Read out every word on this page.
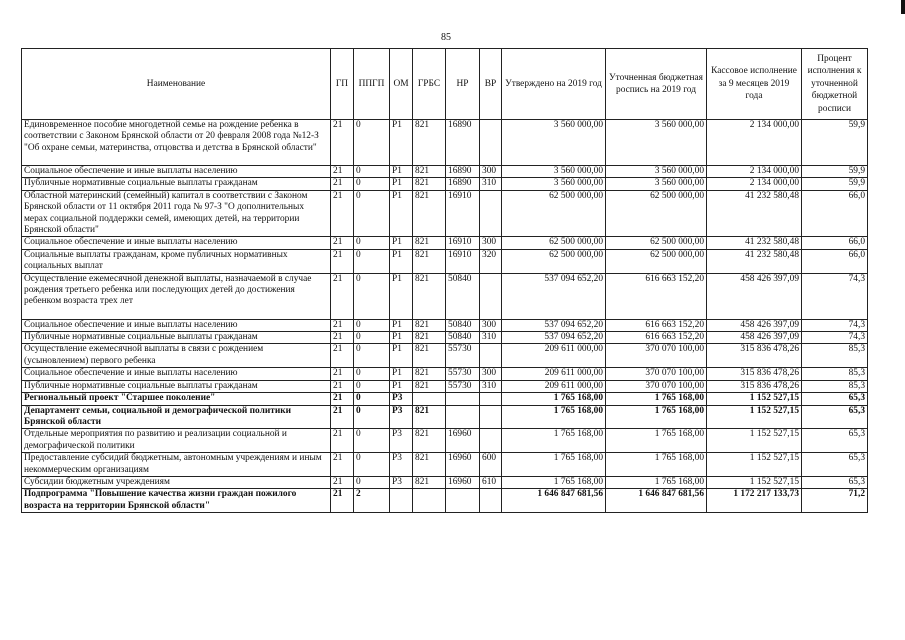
85
Наименование	ГП	ППГП	ОМ	ГРБС	НР	ВР	Утверждено на 2019 год	Уточненная бюджетная роспись на 2019 год	Кассовое исполнение за 9 месяцев 2019 года	Процент исполнения к уточненной бюджетной росписи
Единовременное пособие многодетной семье на рождение ребенка в соответствии с Законом Брянской области от 20 февраля 2008 года №12-З "Об охране семьи, материнства, отцовства и детства в Брянской области"	21	0	Р1	821	16890		3 560 000,00	3 560 000,00	2 134 000,00	59,9
Социальное обеспечение и иные выплаты населению	21	0	Р1	821	16890	300	3 560 000,00	3 560 000,00	2 134 000,00	59,9
Публичные нормативные социальные выплаты гражданам	21	0	Р1	821	16890	310	3 560 000,00	3 560 000,00	2 134 000,00	59,9
Областной материнский (семейный) капитал в соответствии с Законом Брянской области от 11 октября 2011 года № 97-З "О дополнительных мерах социальной поддержки семей, имеющих детей, на территории Брянской области"	21	0	Р1	821	16910		62 500 000,00	62 500 000,00	41 232 580,48	66,0
Социальное обеспечение и иные выплаты населению	21	0	Р1	821	16910	300	62 500 000,00	62 500 000,00	41 232 580,48	66,0
Социальные выплаты гражданам, кроме публичных нормативных социальных выплат	21	0	Р1	821	16910	320	62 500 000,00	62 500 000,00	41 232 580,48	66,0
Осуществление ежемесячной денежной выплаты, назначаемой в случае рождения третьего ребенка или последующих детей до достижения ребенком возраста трех лет	21	0	Р1	821	50840		537 094 652,20	616 663 152,20	458 426 397,09	74,3
Социальное обеспечение и иные выплаты населению	21	0	Р1	821	50840	300	537 094 652,20	616 663 152,20	458 426 397,09	74,3
Публичные нормативные социальные выплаты гражданам	21	0	Р1	821	50840	310	537 094 652,20	616 663 152,20	458 426 397,09	74,3
Осуществление ежемесячной выплаты в связи с рождением (усыновлением) первого ребенка	21	0	Р1	821	55730		209 611 000,00	370 070 100,00	315 836 478,26	85,3
Социальное обеспечение и иные выплаты населению	21	0	Р1	821	55730	300	209 611 000,00	370 070 100,00	315 836 478,26	85,3
Публичные нормативные социальные выплаты гражданам	21	0	Р1	821	55730	310	209 611 000,00	370 070 100,00	315 836 478,26	85,3
Региональный проект "Старшее поколение"	21	0	Р3				1 765 168,00	1 765 168,00	1 152 527,15	65,3
Департамент семьи, социальной и демографической политики Брянской области	21	0	Р3	821			1 765 168,00	1 765 168,00	1 152 527,15	65,3
Отдельные мероприятия по развитию и реализации социальной и демографической политики	21	0	Р3	821	16960		1 765 168,00	1 765 168,00	1 152 527,15	65,3
Предоставление субсидий бюджетным, автономным учреждениям и иным некоммерческим организациям	21	0	Р3	821	16960	600	1 765 168,00	1 765 168,00	1 152 527,15	65,3
Субсидии бюджетным учреждениям	21	0	Р3	821	16960	610	1 765 168,00	1 765 168,00	1 152 527,15	65,3
Подпрограмма "Повышение качества жизни граждан пожилого возраста на территории Брянской области"	21	2					1 646 847 681,56	1 646 847 681,56	1 172 217 133,73	71,2
